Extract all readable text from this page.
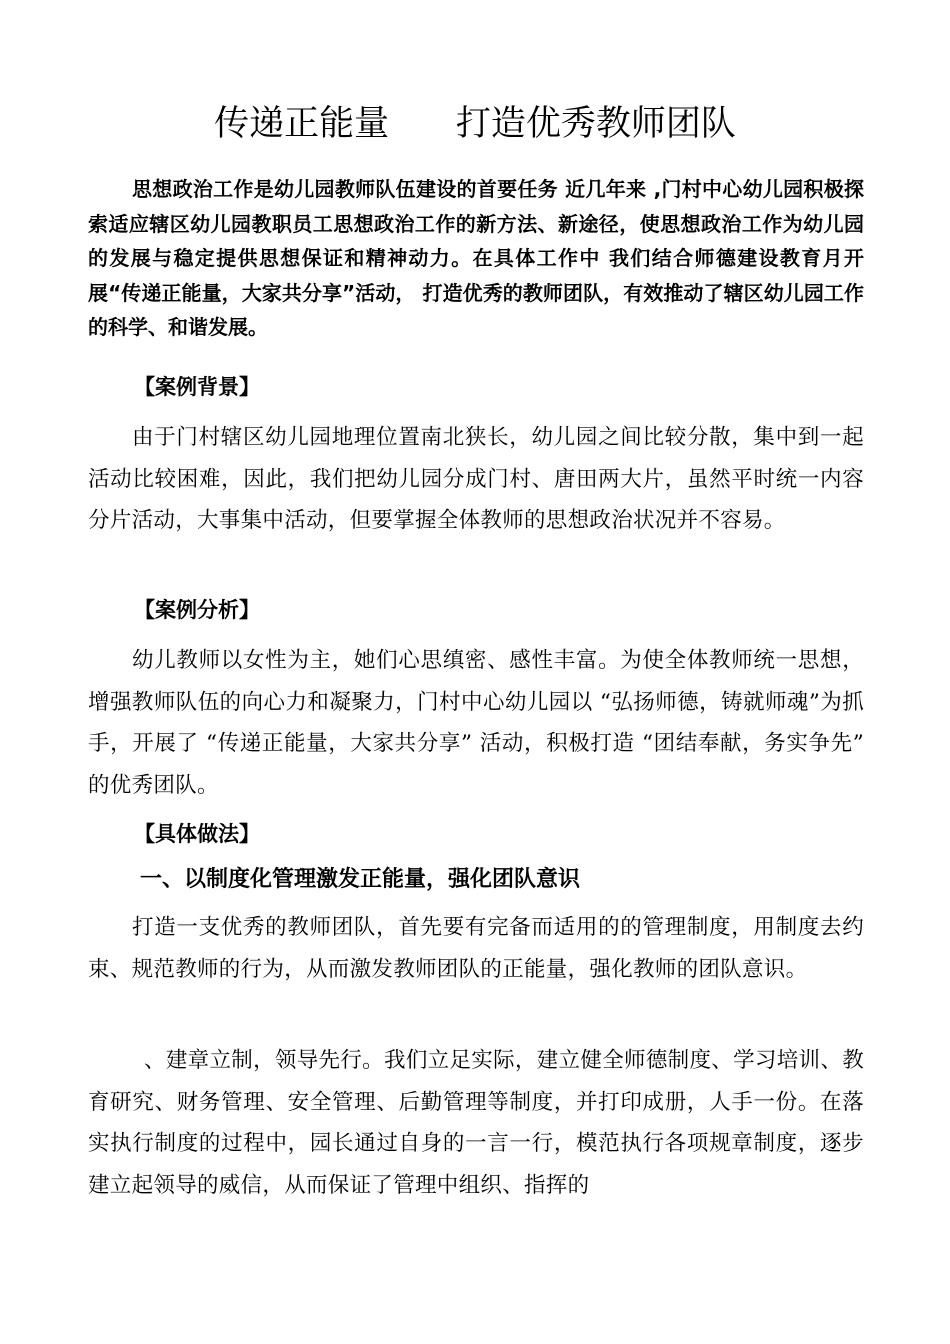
传递正能量      打造优秀教师团队

思想政治工作是幼儿园教师队伍建设的首要任务 近几年来 ,门村中心幼儿园积极探索适应辖区幼儿园教职员工思想政治工作的新方法、新途径，使思想政治工作为幼儿园的发展与稳定提供思想保证和精神动力。在具体工作中 我们结合师德建设教育月开展“传递正能量，大家共分享”活动， 打造优秀的教师团队，有效推动了辖区幼儿园工作的科学、和谐发展。

【案例背景】

由于门村辖区幼儿园地理位置南北狭长，幼儿园之间比较分散，集中到一起活动比较困难，因此，我们把幼儿园分成门村、唐田两大片，虽然平时统一内容分片活动，大事集中活动，但要掌握全体教师的思想政治状况并不容易。

【案例分析】

幼儿教师以女性为主，她们心思缜密、感性丰富。为使全体教师统一思想，增强教师队伍的向心力和凝聚力，门村中心幼儿园以 “弘扬师德，铸就师魂”为抓手，开展了 “传递正能量，大家共分享” 活动，积极打造 “团结奉献，务实争先” 的优秀团队。

【具体做法】
一、以制度化管理激发正能量，强化团队意识

打造一支优秀的教师团队，首先要有完备而适用的的管理制度，用制度去约束、规范教师的行为，从而激发教师团队的正能量，强化教师的团队意识。

、建章立制，领导先行。我们立足实际，建立健全师德制度、学习培训、教育研究、财务管理、安全管理、后勤管理等制度，并打印成册，人手一份。在落实执行制度的过程中，园长通过自身的一言一行，模范执行各项规章制度，逐步建立起领导的威信，从而保证了管理中组织、指挥的
